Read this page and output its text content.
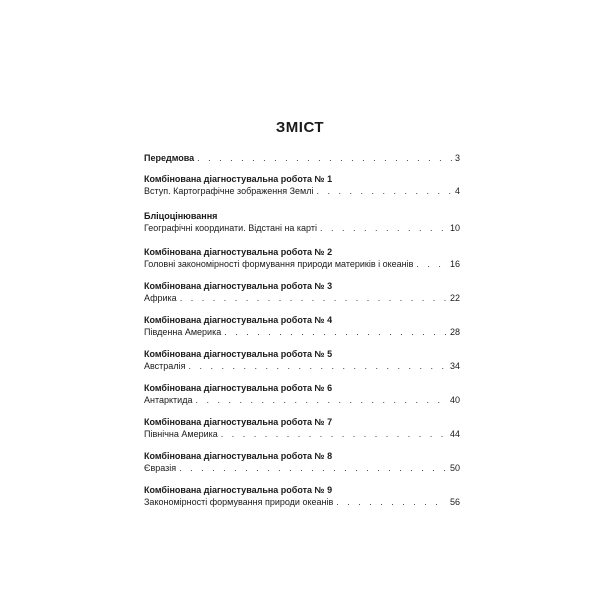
ЗМІСТ
Передмова . . .	3
Комбінована діагностувальна робота № 1
Вступ. Картографічне зображення Землі . . .	4
Бліцоцінювання
Географічні координати. Відстані на карті . . .	10
Комбінована діагностувальна робота № 2
Головні закономірності формування природи материків і океанів . . .	16
Комбінована діагностувальна робота № 3
Африка . . .	22
Комбінована діагностувальна робота № 4
Південна Америка . . .	28
Комбінована діагностувальна робота № 5
Австралія . . .	34
Комбінована діагностувальна робота № 6
Антарктида . . .	40
Комбінована діагностувальна робота № 7
Північна Америка . . .	44
Комбінована діагностувальна робота № 8
Євразія . . .	50
Комбінована діагностувальна робота № 9
Закономірності формування природи океанів . . .	56
